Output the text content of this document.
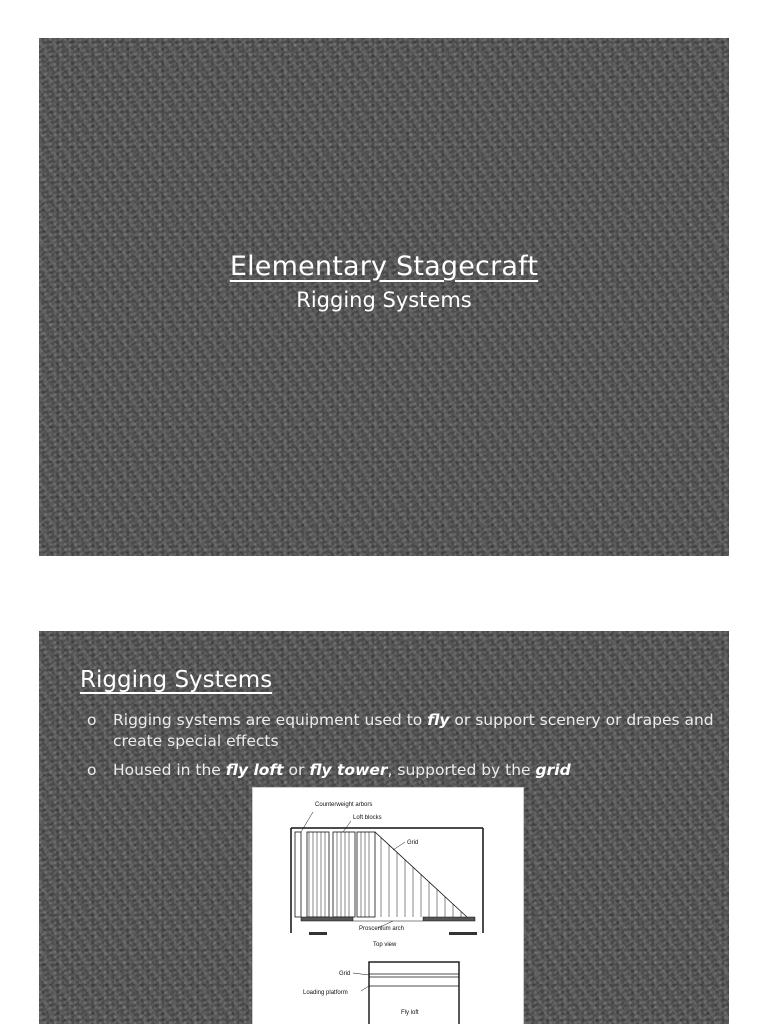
Elementary Stagecraft
Rigging Systems
Rigging Systems
o Rigging systems are equipment used to fly or support scenery or drapes and create special effects
o Housed in the fly loft or fly tower, supported by the grid
Counterweight arbors
Loft blocks
Grid
Proscenium arch
Top view
Grid
Loading platform
Fly loft
